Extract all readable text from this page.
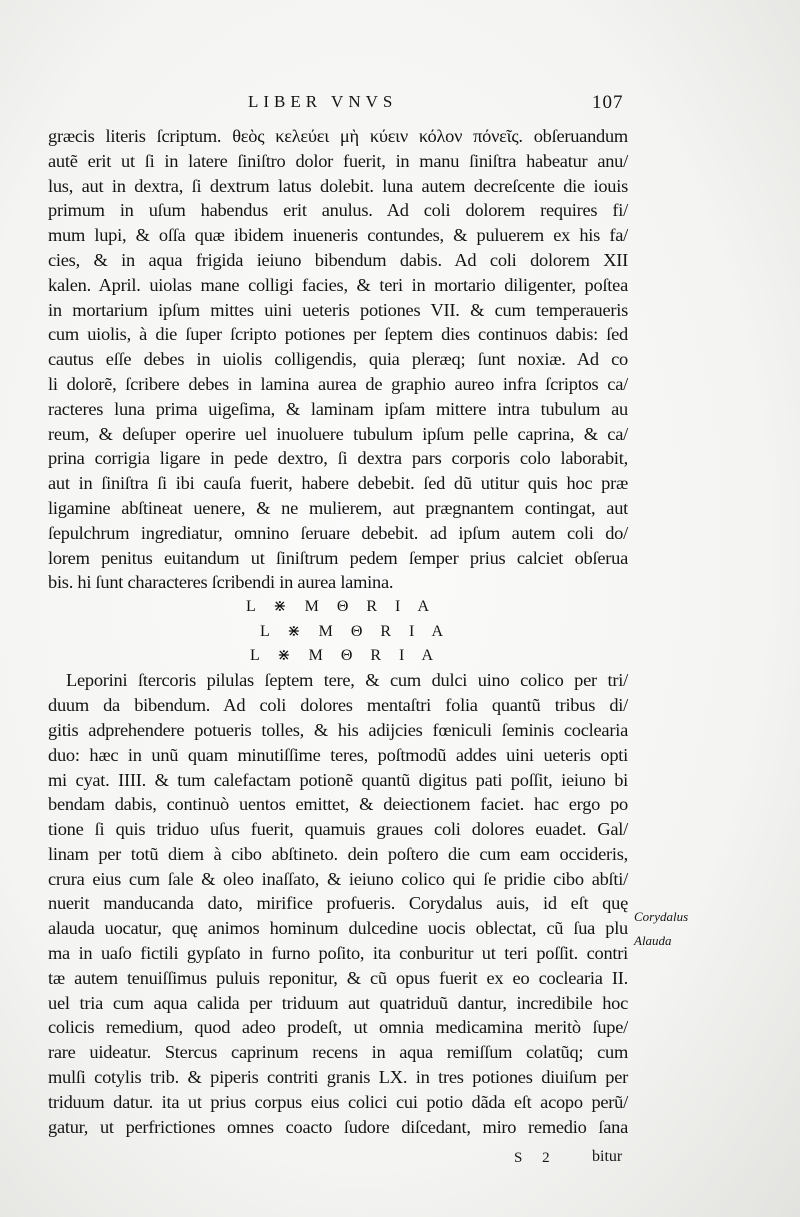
LIBER VNVS	107
græcis literis ſcriptum. θεὸς κελεύει μὴ κύειν κόλον πόνεῖς. obſeruandum
autẽ erit ut ſi in latere ſiniſtro dolor fuerit, in manu ſiniſtra habeatur anu/
lus, aut in dextra, ſi dextrum latus dolebit. luna autem decreſcente die iouis
primum in uſum habendus erit anulus. Ad coli dolorem requires fi/
mum lupi, & oſſa quæ ibidem inueneris contundes, & puluerem ex his fa/
cies, & in aqua frigida ieiuno bibendum dabis. Ad coli dolorem XII
kalen. April. uiolas mane colligi facies, & teri in mortario diligenter, poſtea
in mortarium ipſum mittes uini ueteris potiones VII. & cum temperaueris
cum uiolis, à die ſuper ſcripto potiones per ſeptem dies continuos dabis: ſed
cautus eſſe debes in uiolis colligendis, quia pleræq; ſunt noxiæ. Ad co
li dolorẽ, ſcribere debes in lamina aurea de graphio aureo infra ſcriptos ca/
racteres luna prima uigeſima, & laminam ipſam mittere intra tubulum au
reum, & deſuper operire uel inuoluere tubulum ipſum pelle caprina, & ca/
prina corrigia ligare in pede dextro, ſi dextra pars corporis colo laborabit,
aut in ſiniſtra ſi ibi cauſa fuerit, habere debebit. ſed dũ utitur quis hoc præ
ligamine abſtineat uenere, & ne mulierem, aut prægnantem contingat, aut
ſepulchrum ingrediatur, omnino ſeruare debebit. ad ipſum autem coli do/
lorem penitus euitandum ut ſiniſtrum pedem ſemper prius calciet obſerua
bis. hi ſunt characteres ſcribendi in aurea lamina.
L ⋇ M Θ R I A
L ⋇ M Θ R I A
L ⋇ M Θ R I A
Leporini ſtercoris pilulas ſeptem tere, & cum dulci uino colico per tri/
duum da bibendum. Ad coli dolores mentaſtri folia quantũ tribus di/
gitis adprehendere potueris tolles, & his adijcies fœniculi ſeminis coclearia
duo: hæc in unũ quam minutiſſime teres, poſtmodũ addes uini ueteris opti
mi cyat. IIII. & tum calefactam potionẽ quantũ digitus pati poſſit, ieiuno bi
bendam dabis, continuò uentos emittet, & deiectionem faciet. hac ergo po
tione ſi quis triduo uſus fuerit, quamuis graues coli dolores euadet. Gal/
linam per totũ diem à cibo abſtineto. dein poſtero die cum eam occideris,
crura eius cum ſale & oleo inaſſato, & ieiuno colico qui ſe pridie cibo abſti/
nuerit manducanda dato, mirifice profueris. Corydalus auis, id eſt quę
alauda uocatur, quę animos hominum dulcedine uocis oblectat, cũ ſua plu
ma in uaſo fictili gypſato in furno poſito, ita conburitur ut teri poſſit. contri
tæ autem tenuiſſimus puluis reponitur, & cũ opus fuerit ex eo coclearia II.
uel tria cum aqua calida per triduum aut quatriduũ dantur, incredibile hoc
colicis remedium, quod adeo prodeſt, ut omnia medicamina meritò ſupe/
rare uideatur. Stercus caprinum recens in aqua remiſſum colatũq; cum
mulſi cotylis trib. & piperis contriti granis LX. in tres potiones diuiſum per
triduum datur. ita ut prius corpus eius colici cui potio dãda eſt acopo perũ/
gatur, ut perfrictiones omnes coacto ſudore diſcedant, miro remedio ſana
Corydalus
Alauda
S 2 bitur
